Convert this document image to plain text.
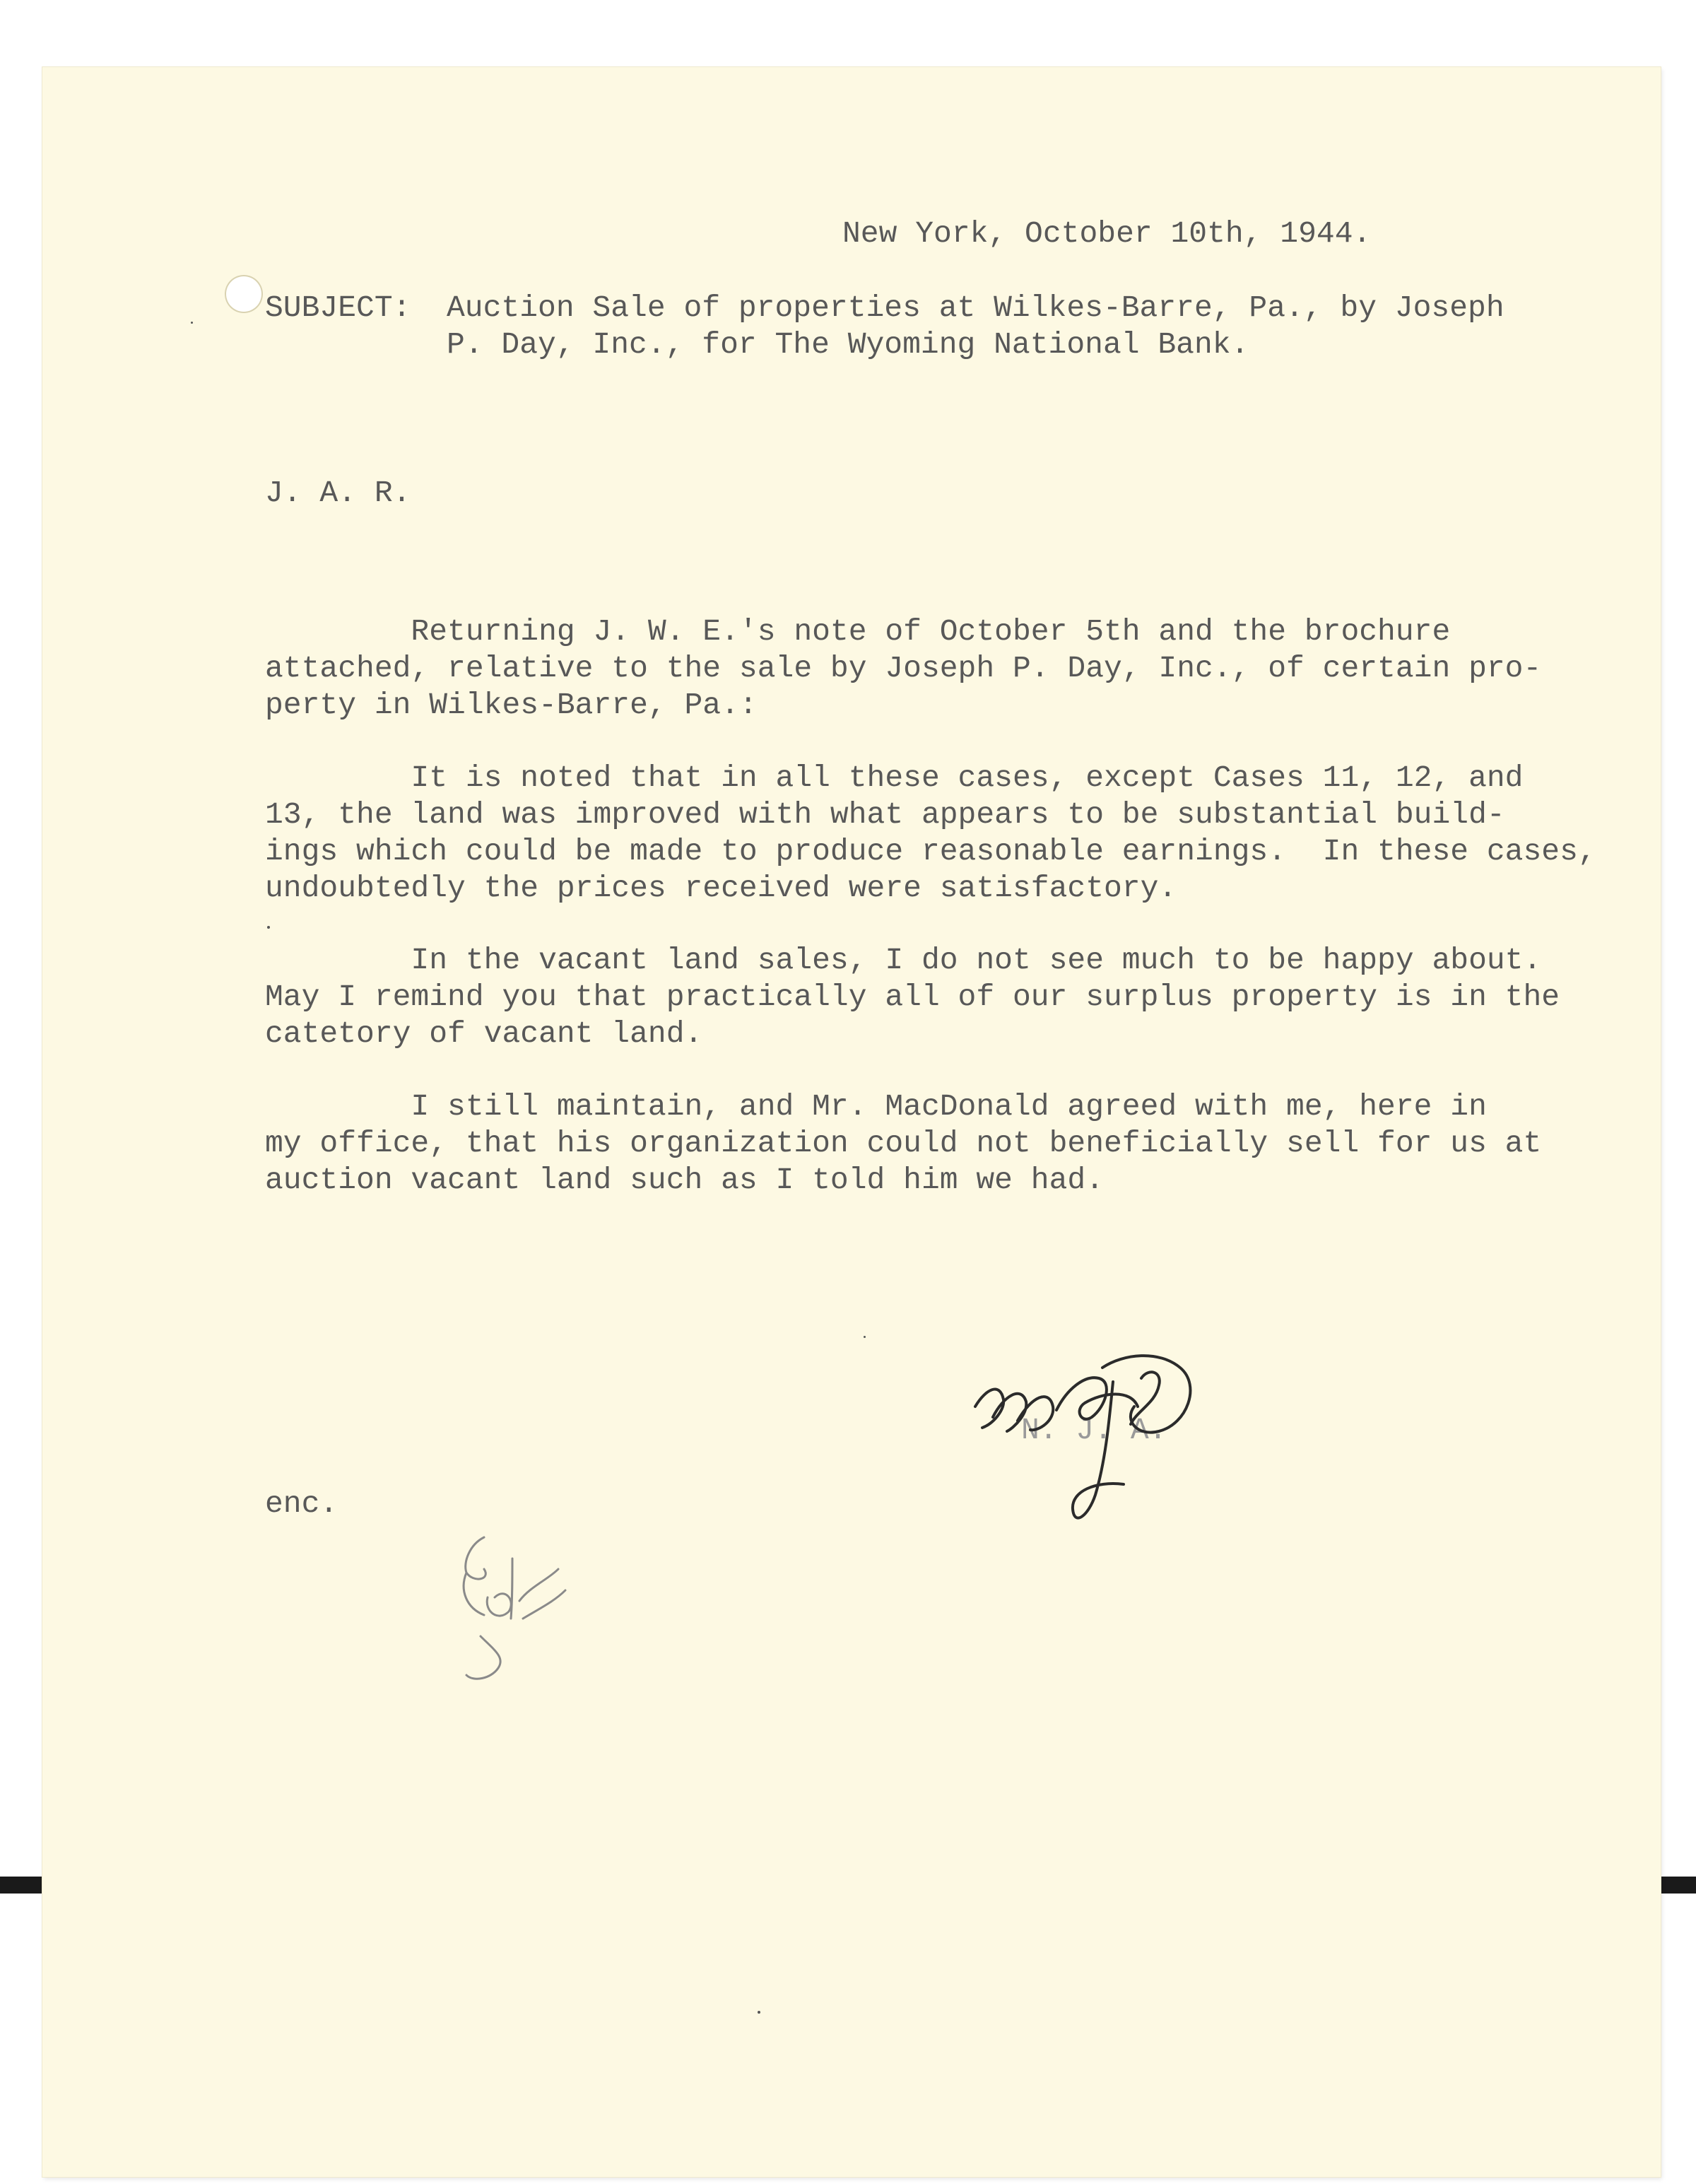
New York, October 10th, 1944.
SUBJECT: Auction Sale of properties at Wilkes-Barre, Pa., by Joseph
P. Day, Inc., for The Wyoming National Bank.
J. A. R.
Returning J. W. E.'s note of October 5th and the brochure
attached, relative to the sale by Joseph P. Day, Inc., of certain pro-
perty in Wilkes-Barre, Pa.:
It is noted that in all these cases, except Cases 11, 12, and
13, the land was improved with what appears to be substantial build-
ings which could be made to produce reasonable earnings.  In these cases,
undoubtedly the prices received were satisfactory.
In the vacant land sales, I do not see much to be happy about.
May I remind you that practically all of our surplus property is in the
catetory of vacant land.
I still maintain, and Mr. MacDonald agreed with me, here in
my office, that his organization could not beneficially sell for us at
auction vacant land such as I told him we had.
N. J. A.
enc.
